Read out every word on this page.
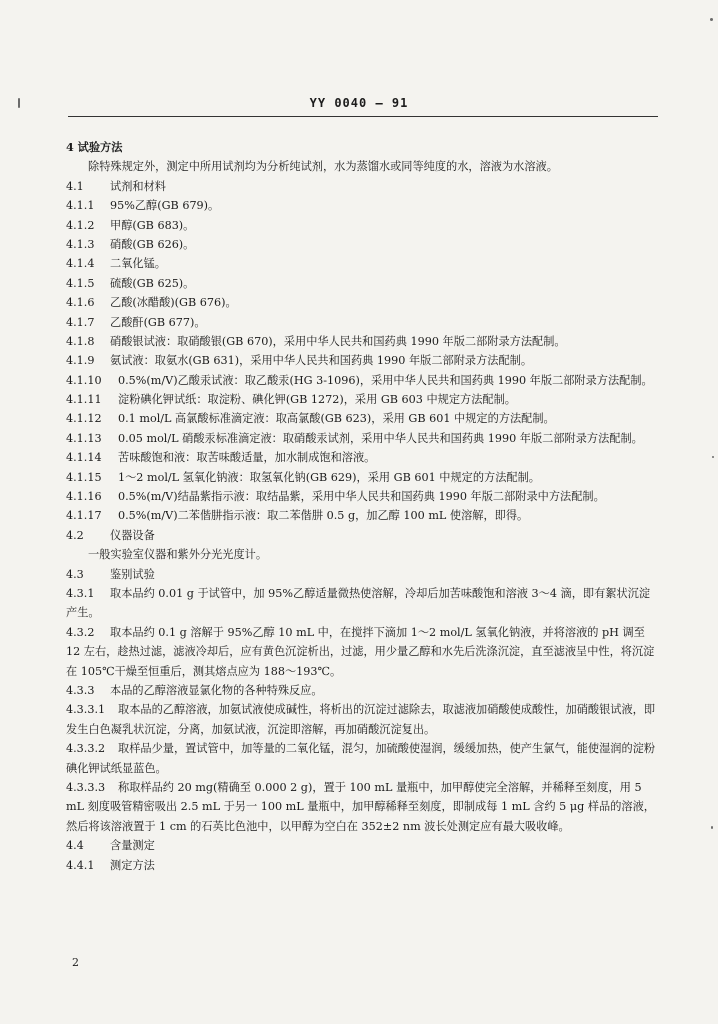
YY 0040 — 91
4 试验方法
除特殊规定外，测定中所用试剂均为分析纯试剂，水为蒸馏水或同等纯度的水，溶液为水溶液。
4.1 试剂和材料
4.1.1 95%乙醇(GB 679)。
4.1.2 甲醇(GB 683)。
4.1.3 硝酸(GB 626)。
4.1.4 二氧化锰。
4.1.5 硫酸(GB 625)。
4.1.6 乙酸(冰醋酸)(GB 676)。
4.1.7 乙酸酐(GB 677)。
4.1.8 硝酸银试液：取硝酸银(GB 670)，采用中华人民共和国药典 1990 年版二部附录方法配制。
4.1.9 氨试液：取氨水(GB 631)，采用中华人民共和国药典 1990 年版二部附录方法配制。
4.1.10 0.5%(m/V)乙酸汞试液：取乙酸汞(HG 3-1096)，采用中华人民共和国药典 1990 年版二部附录方法配制。
4.1.11 淀粉碘化钾试纸：取淀粉、碘化钾(GB 1272)，采用 GB 603 中规定方法配制。
4.1.12 0.1 mol/L 高氯酸标准滴定液：取高氯酸(GB 623)，采用 GB 601 中规定的方法配制。
4.1.13 0.05 mol/L 硝酸汞标准滴定液：取硝酸汞试剂，采用中华人民共和国药典 1990 年版二部附录方法配制。
4.1.14 苦味酸饱和液：取苦味酸适量，加水制成饱和溶液。
4.1.15 1～2 mol/L 氢氧化钠液：取氢氧化钠(GB 629)，采用 GB 601 中规定的方法配制。
4.1.16 0.5%(m/V)结晶紫指示液：取结晶紫，采用中华人民共和国药典 1990 年版二部附录中方法配制。
4.1.17 0.5%(m/V)二苯偕肼指示液：取二苯偕肼 0.5 g，加乙醇 100 mL 使溶解，即得。
4.2 仪器设备
一般实验室仪器和紫外分光光度计。
4.3 鉴别试验
4.3.1 取本品约 0.01 g 于试管中，加 95%乙醇适量微热使溶解，冷却后加苦味酸饱和溶液 3～4 滴，即有絮状沉淀产生。
4.3.2 取本品约 0.1 g 溶解于 95%乙醇 10 mL 中，在搅拌下滴加 1～2 mol/L 氢氧化钠液，并将溶液的 pH 调至 12 左右，趁热过滤，滤液冷却后，应有黄色沉淀析出，过滤，用少量乙醇和水先后洗涤沉淀，直至滤液呈中性，将沉淀在 105℃干燥至恒重后，测其熔点应为 188～193℃。
4.3.3 本品的乙醇溶液显氯化物的各种特殊反应。
4.3.3.1 取本品的乙醇溶液，加氨试液使成碱性，将析出的沉淀过滤除去，取滤液加硝酸使成酸性，加硝酸银试液，即发生白色凝乳状沉淀，分离，加氨试液，沉淀即溶解，再加硝酸沉淀复出。
4.3.3.2 取样品少量，置试管中，加等量的二氧化锰，混匀，加硫酸使湿润，缓缓加热，使产生氯气，能使湿润的淀粉碘化钾试纸显蓝色。
4.3.3.3 称取样品约 20 mg(精确至 0.000 2 g)，置于 100 mL 量瓶中，加甲醇使完全溶解，并稀释至刻度，用 5 mL 刻度吸管精密吸出 2.5 mL 于另一 100 mL 量瓶中，加甲醇稀释至刻度，即制成每 1 mL 含约 5 μg 样品的溶液，然后将该溶液置于 1 cm 的石英比色池中，以甲醇为空白在 352±2 nm 波长处测定应有最大吸收峰。
4.4 含量测定
4.4.1 测定方法
2
